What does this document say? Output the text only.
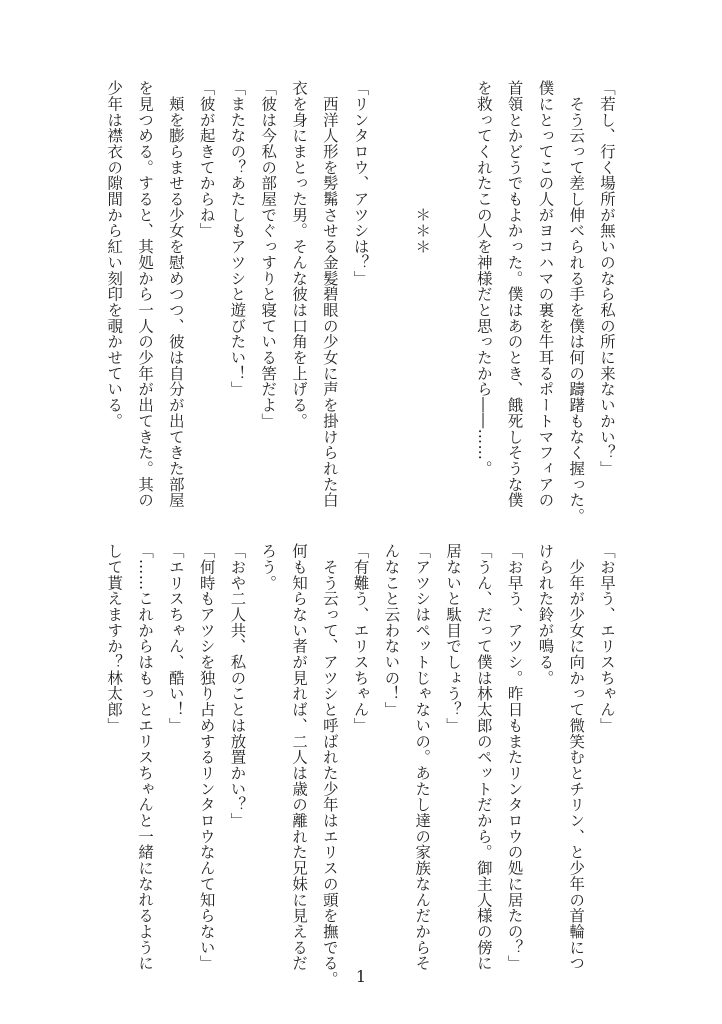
「若し、行く場所が無いのなら私の所に来ないかい？」

　そう云って差し伸べられる手を僕は何の躊躇もなく握った。

僕にとってこの人がヨコハマの裏を牛耳るポートマフィアの

首領とかどうでもよかった。僕はあのとき、餓死しそうな僕

を救ってくれたこの人を神様だと思ったから――……。

　　　　　　　　＊＊＊

「リンタロウ、アツシは？」

　西洋人形を髣髴させる金髪碧眼の少女に声を掛けられた白

衣を身にまとった男。そんな彼は口角を上げる。

「彼は今私の部屋でぐっすりと寝ている筈だよ」

「またなの？あたしもアツシと遊びたい！」

「彼が起きてからね」

　頬を膨らませる少女を慰めつつ、彼は自分が出てきた部屋

を見つめる。すると、其処から一人の少年が出てきた。其の

少年は襟衣の隙間から紅い刻印を覗かせている。

「お早う、エリスちゃん」

　少年が少女に向かって微笑むとチリン、と少年の首輪につ

けられた鈴が鳴る。

「お早う、アツシ。昨日もまたリンタロウの処に居たの？」

「うん、だって僕は林太郎のペットだから。御主人様の傍に

居ないと駄目でしょう？」

「アツシはペットじゃないの。あたし達の家族なんだからそ

んなこと云わないの！」

「有難う、エリスちゃん」

　そう云って、アツシと呼ばれた少年はエリスの頭を撫でる。

何も知らない者が見れば、二人は歳の離れた兄妹に見えるだ

ろう。

「おや二人共、私のことは放置かい？」

「何時もアツシを独り占めするリンタロウなんて知らない」

「エリスちゃん、酷い！」

「……これからはもっとエリスちゃんと一緒になれるように

して貰えますか？林太郎」

1
